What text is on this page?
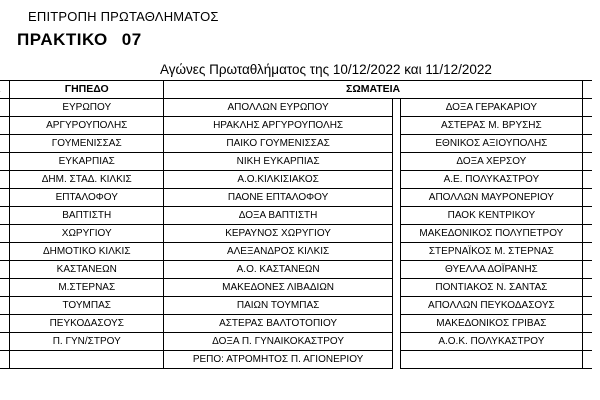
ΕΠΙΤΡΟΠΗ ΠΡΩΤΑΘΛΗΜΑΤΟΣ
ΠΡΑΚΤΙΚΟ 07
Αγώνες Πρωταθλήματος της 10/12/2022 και 11/12/2022
	ΓΗΠΕΔΟ	ΣΩΜΑΤΕΙΑ			
	ΕΥΡΩΠΟΥ	ΑΠΟΛΛΩΝ ΕΥΡΩΠΟΥ		ΔΟΞΑ ΓΕΡΑΚΑΡΙΟΥ	
	ΑΡΓΥΡΟΥΠΟΛΗΣ	ΗΡΑΚΛΗΣ ΑΡΓΥΡΟΥΠΟΛΗΣ		ΑΣΤΕΡΑΣ Μ. ΒΡΥΣΗΣ	
	ΓΟΥΜΕΝΙΣΣΑΣ	ΠΑΙΚΟ ΓΟΥΜΕΝΙΣΣΑΣ		ΕΘΝΙΚΟΣ ΑΞΙΟΥΠΟΛΗΣ	
	ΕΥΚΑΡΠΙΑΣ	ΝΙΚΗ ΕΥΚΑΡΠΙΑΣ		ΔΟΞΑ ΧΕΡΣΟΥ	
	ΔΗΜ. ΣΤΑΔ. ΚΙΛΚΙΣ	Α.Ο.ΚΙΛΚΙΣΙΑΚΟΣ		Α.Ε. ΠΟΛΥΚΑΣΤΡΟΥ	
	ΕΠΤΑΛΟΦΟΥ	ΠΑΟΝΕ ΕΠΤΑΛΟΦΟΥ		ΑΠΟΛΛΩΝ ΜΑΥΡΟΝΕΡΙΟΥ	
	ΒΑΠΤΙΣΤΗ	ΔΟΞΑ ΒΑΠΤΙΣΤΗ		ΠΑΟΚ ΚΕΝΤΡΙΚΟΥ	
	ΧΩΡΥΓΙΟΥ	ΚΕΡΑΥΝΟΣ ΧΩΡΥΓΙΟΥ		ΜΑΚΕΔΟΝΙΚΟΣ ΠΟΛΥΠΕΤΡΟΥ	
	ΔΗΜΟΤΙΚΟ ΚΙΛΚΙΣ	ΑΛΕΞΑΝΔΡΟΣ ΚΙΛΚΙΣ		ΣΤΕΡΝΑΪΚΟΣ Μ. ΣΤΕΡΝΑΣ	
	ΚΑΣΤΑΝΕΩΝ	Α.Ο. ΚΑΣΤΑΝΕΩΝ		ΘΥΕΛΛΑ ΔΟΪΡΑΝΗΣ	
	Μ.ΣΤΕΡΝΑΣ	ΜΑΚΕΔΟΝΕΣ ΛΙΒΑΔΙΩΝ		ΠΟΝΤΙΑΚΟΣ Ν. ΣΑΝΤΑΣ	
	ΤΟΥΜΠΑΣ	ΠΑΙΩΝ ΤΟΥΜΠΑΣ		ΑΠΟΛΛΩΝ ΠΕΥΚΟΔΑΣΟΥΣ	
	ΠΕΥΚΟΔΑΣΟΥΣ	ΑΣΤΕΡΑΣ ΒΑΛΤΟΤΟΠΙΟΥ		ΜΑΚΕΔΟΝΙΚΟΣ ΓΡΙΒΑΣ	
	Π. ΓΥΝ/ΣΤΡΟΥ	ΔΟΞΑ Π. ΓΥΝΑΙΚΟΚΑΣΤΡΟΥ		Α.Ο.Κ. ΠΟΛΥΚΑΣΤΡΟΥ	
		ΡΕΠΟ: ΑΤΡΟΜΗΤΟΣ Π. ΑΓΙΟΝΕΡΙΟΥ			
